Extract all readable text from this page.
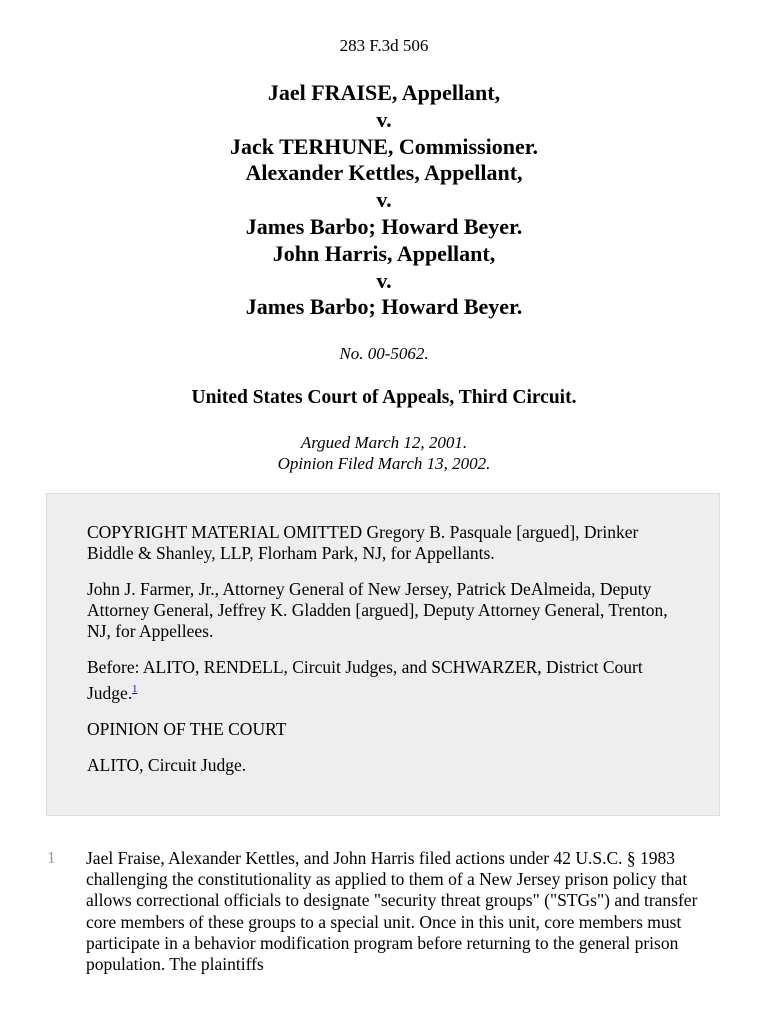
283 F.3d 506
Jael FRAISE, Appellant,
v.
Jack TERHUNE, Commissioner.
Alexander Kettles, Appellant,
v.
James Barbo; Howard Beyer.
John Harris, Appellant,
v.
James Barbo; Howard Beyer.
No. 00-5062.
United States Court of Appeals, Third Circuit.
Argued March 12, 2001.
Opinion Filed March 13, 2002.

COPYRIGHT MATERIAL OMITTED Gregory B. Pasquale [argued], Drinker Biddle & Shanley, LLP, Florham Park, NJ, for Appellants.

John J. Farmer, Jr., Attorney General of New Jersey, Patrick DeAlmeida, Deputy Attorney General, Jeffrey K. Gladden [argued], Deputy Attorney General, Trenton, NJ, for Appellees.

Before: ALITO, RENDELL, Circuit Judges, and SCHWARZER, District Court Judge.$^1$

OPINION OF THE COURT

ALITO, Circuit Judge.

1 Jael Fraise, Alexander Kettles, and John Harris filed actions under 42 U.S.C. § 1983 challenging the constitutionality as applied to them of a New Jersey prison policy that allows correctional officials to designate "security threat groups" ("STGs") and transfer core members of these groups to a special unit. Once in this unit, core members must participate in a behavior modification program before returning to the general prison population. The plaintiffs
